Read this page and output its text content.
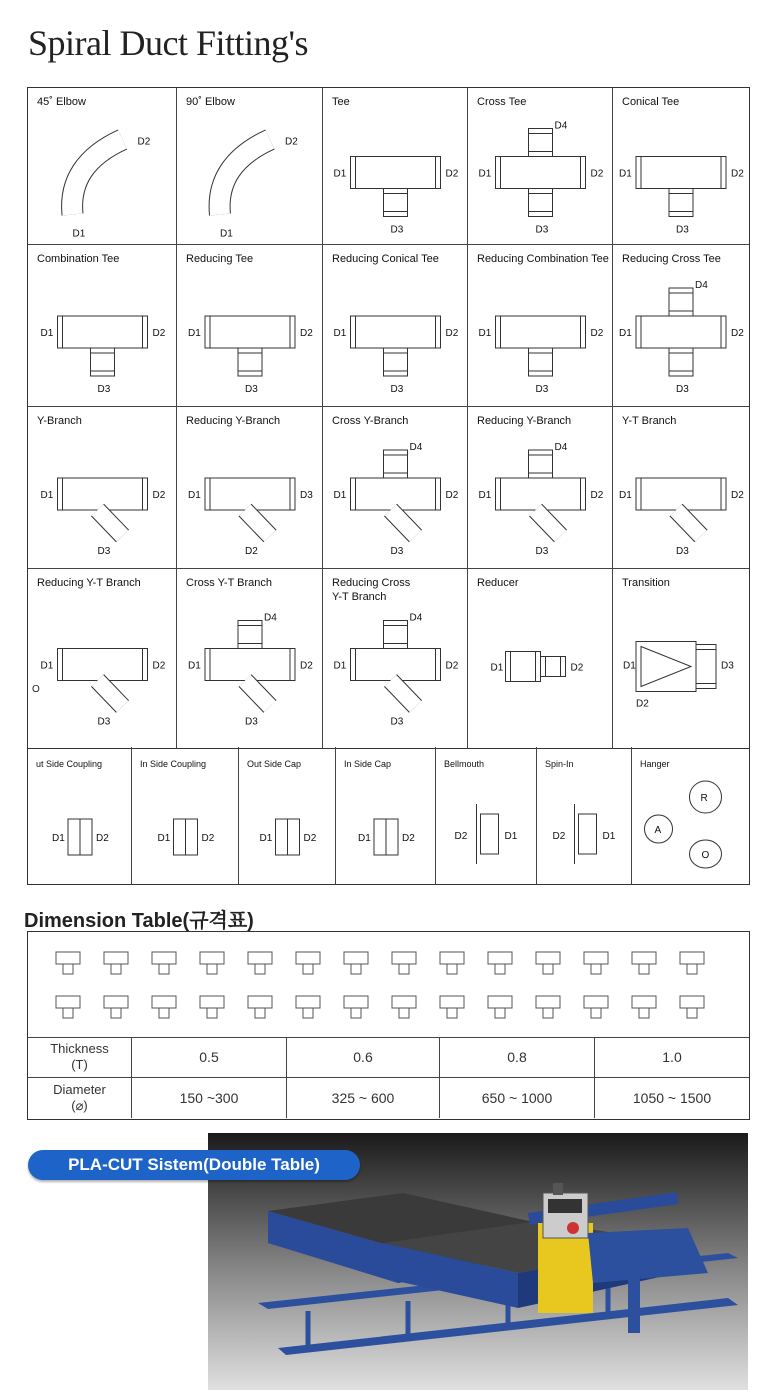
Spiral Duct Fitting's
45˚ Elbow
D2
D1
90˚ Elbow
D2
D1
Tee
D1	D2
D3
Cross Tee
D1	D2
D3
D4
Conical Tee
D1	D2
D3
Combination Tee
D1	D2
D3
Reducing Tee
D1	D2
D3
Reducing Conical Tee
D1	D2
D3
Reducing Combination Tee
D1	D2
D3
Reducing Cross Tee
D1	D2
D3
D4
Y-Branch
D1	D2
D3
Reducing Y-Branch
D1	D3
D2
Cross Y-Branch
D1	D2
D3
D4
Reducing Y-Branch
D1	D2
D3
D4
Y-T Branch
D1	D2
D3
Reducing Y-T Branch
D1	D2
D3
Cross Y-T Branch
D1	D2
D3
D4
Reducing Cross
Y-T Branch
D1	D2
D3
D4
Reducer
D1	D2
Transition
D1	D3
D2
ut Side Coupling
D1	D2
In Side Coupling
D1	D2
Out Side Cap
D1	D2
In Side Cap
D1	D2
Bellmouth
D2	D1
Spin-In
D2	D1
Hanger
R
A
O
O
Dimension Table(규격표)
Thickness
(T)	0.5	0.6	0.8	1.0
Diameter
(⌀)	150 ~300	325 ~ 600	650 ~ 1000	1050 ~ 1500
PLA-CUT Sistem(Double Table)
